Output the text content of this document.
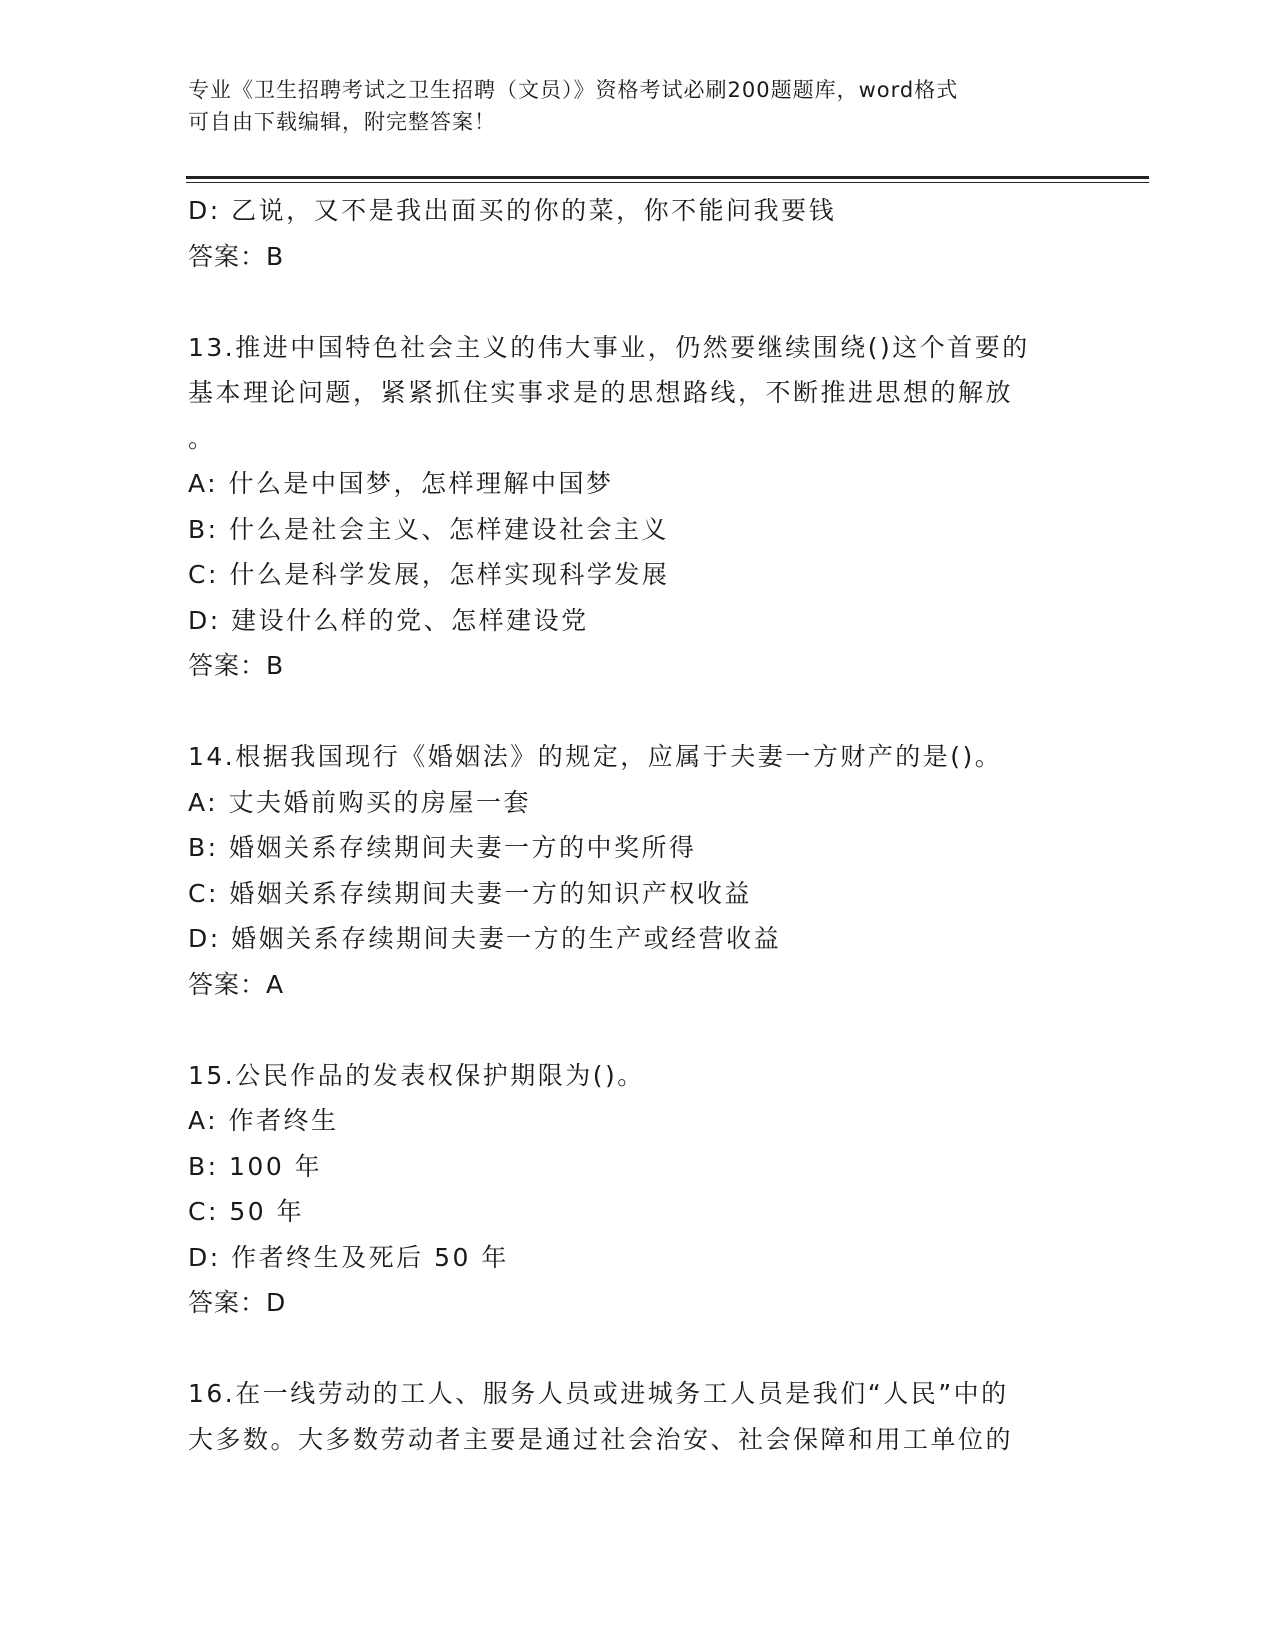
专业《卫生招聘考试之卫生招聘（文员）》资格考试必刷200题题库，word格式
可自由下载编辑，附完整答案！
D: 乙说，又不是我出面买的你的菜，你不能问我要钱
答案：B
13.推进中国特色社会主义的伟大事业，仍然要继续围绕()这个首要的
基本理论问题，紧紧抓住实事求是的思想路线，不断推进思想的解放
。
A: 什么是中国梦，怎样理解中国梦
B: 什么是社会主义、怎样建设社会主义
C: 什么是科学发展，怎样实现科学发展
D: 建设什么样的党、怎样建设党
答案：B
14.根据我国现行《婚姻法》的规定，应属于夫妻一方财产的是()。
A: 丈夫婚前购买的房屋一套
B: 婚姻关系存续期间夫妻一方的中奖所得
C: 婚姻关系存续期间夫妻一方的知识产权收益
D: 婚姻关系存续期间夫妻一方的生产或经营收益
答案：A
15.公民作品的发表权保护期限为()。
A: 作者终生
B: 100 年
C: 50 年
D: 作者终生及死后 50 年
答案：D
16.在一线劳动的工人、服务人员或进城务工人员是我们“人民”中的
大多数。大多数劳动者主要是通过社会治安、社会保障和用工单位的
